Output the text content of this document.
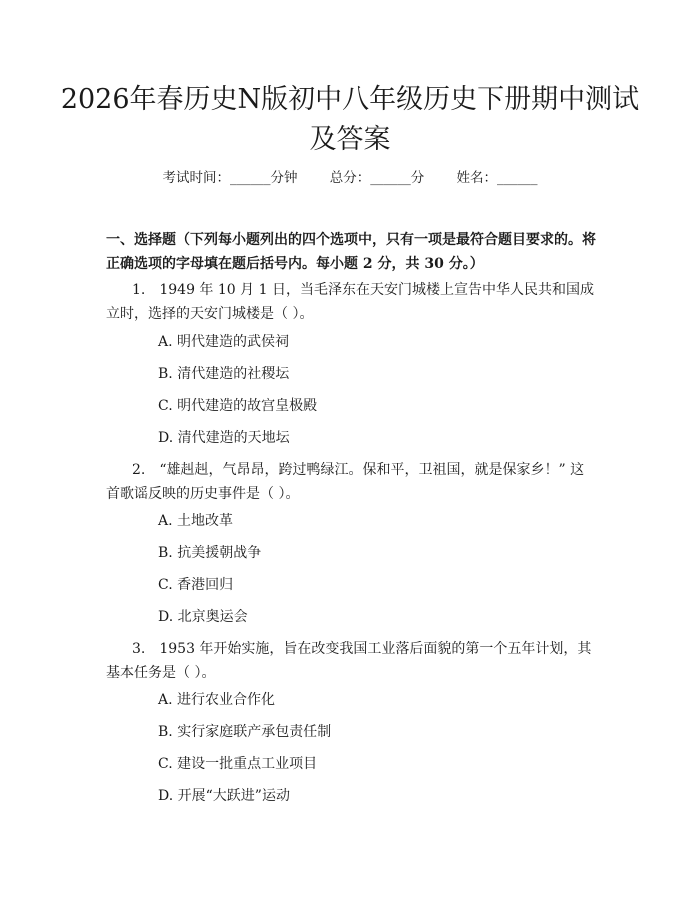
2026年春历史N版初中八年级历史下册期中测试及答案
考试时间：______分钟 总分：______分 姓名：______

一、选择题（下列每小题列出的四个选项中，只有一项是最符合题目要求的。将正确选项的字母填在题后括号内。每小题 2 分，共 30 分。）

1.　1949 年 10 月 1 日，当毛泽东在天安门城楼上宣告中华人民共和国成立时，选择的天安门城楼是（ ）。

A. 明代建造的武侯祠

B. 清代建造的社稷坛

C. 明代建造的故宫皇极殿

D. 清代建造的天地坛

2.　“雄赳赳，气昂昂，跨过鸭绿江。保和平，卫祖国，就是保家乡！” 这首歌谣反映的历史事件是（ ）。

A. 土地改革

B. 抗美援朝战争

C. 香港回归

D. 北京奥运会

3.　1953 年开始实施，旨在改变我国工业落后面貌的第一个五年计划，其基本任务是（ ）。

A. 进行农业合作化

B. 实行家庭联产承包责任制

C. 建设一批重点工业项目

D. 开展“大跃进”运动
